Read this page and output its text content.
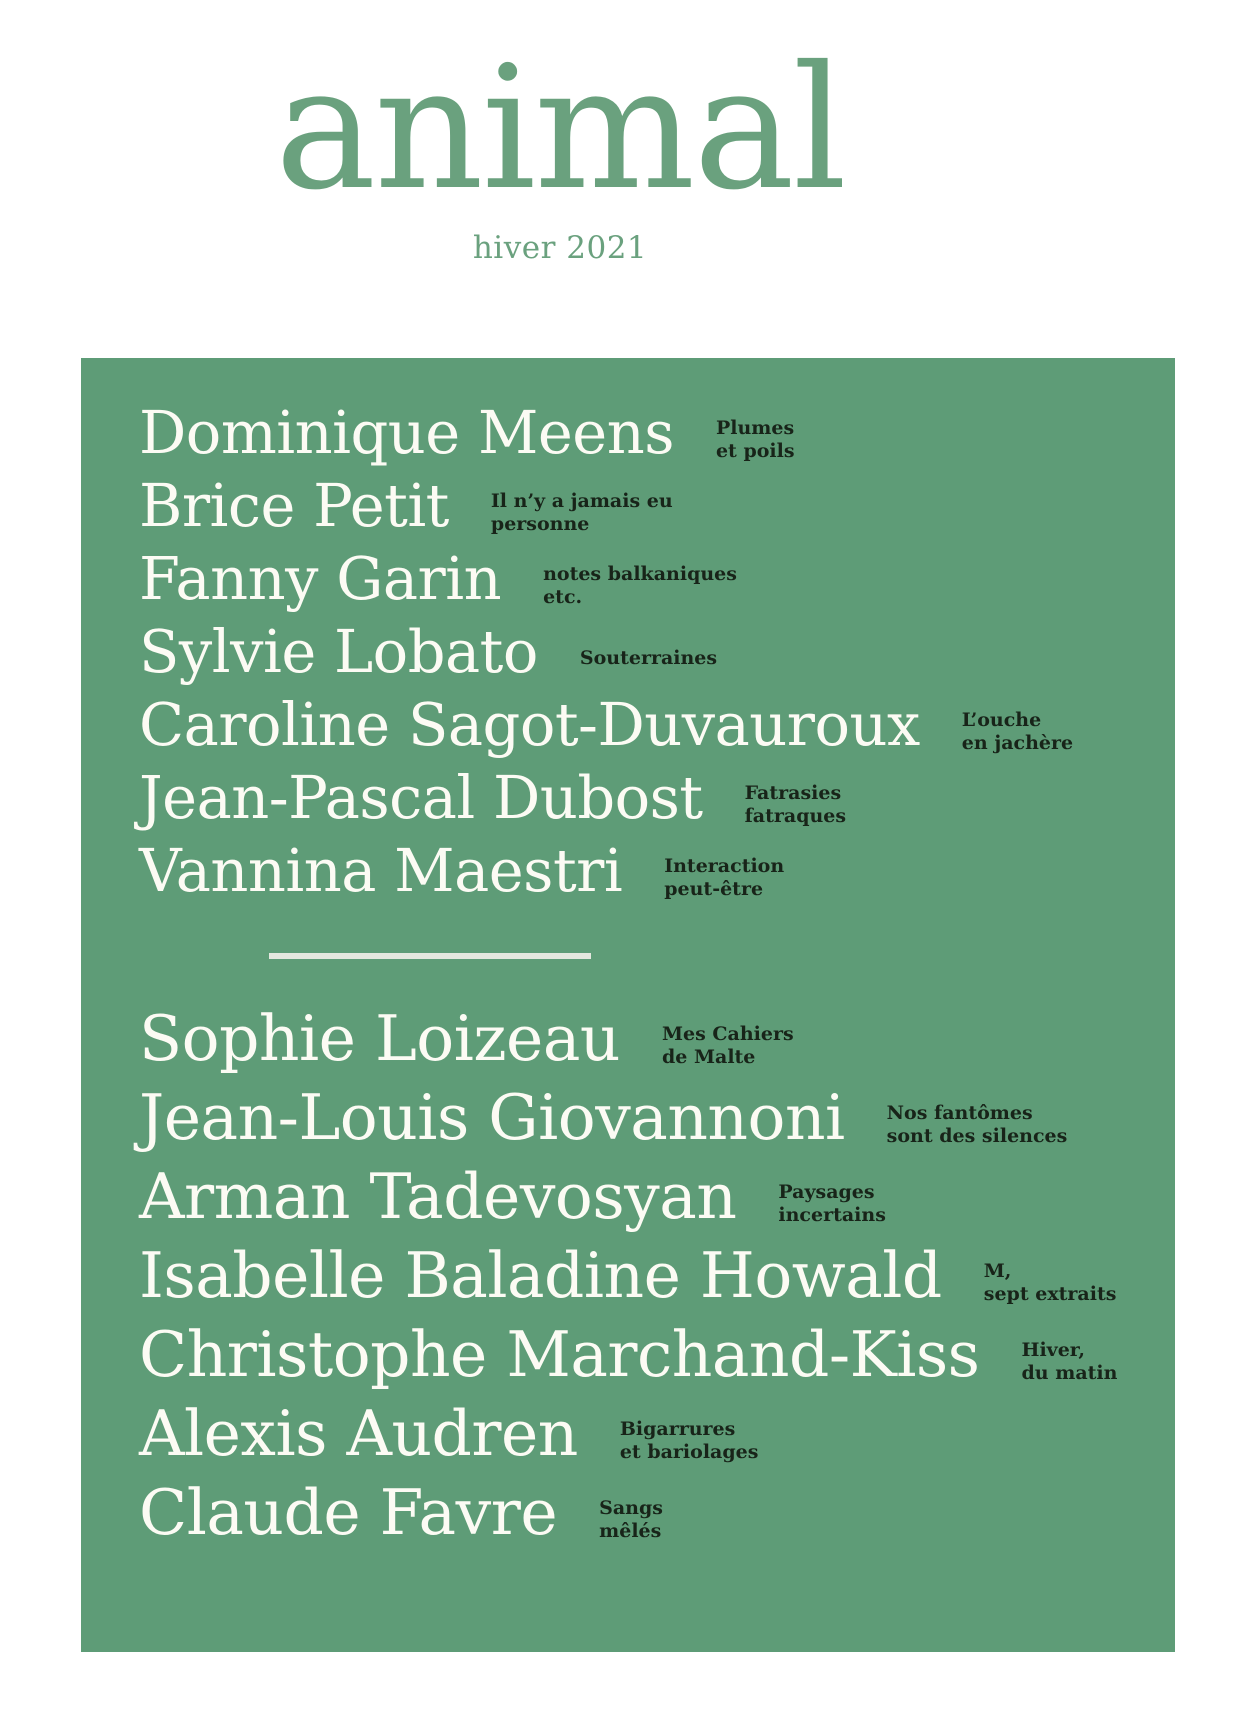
animal
hiver 2021
Dominique Meens Plumes
et poils
Brice Petit Il n’y a jamais eu
personne
Fanny Garin notes balkaniques
etc.
Sylvie Lobato Souterraines
Caroline Sagot-Duvauroux L’ouche
en jachère
Jean-Pascal Dubost Fatrasies
fatraques
Vannina Maestri Interaction
peut-être
Sophie Loizeau Mes Cahiers
de Malte
Jean-Louis Giovannoni Nos fantômes
sont des silences
Arman Tadevosyan Paysages
incertains
Isabelle Baladine Howald M,
sept extraits
Christophe Marchand-Kiss Hiver,
du matin
Alexis Audren Bigarrures
et bariolages
Claude Favre Sangs
mêlés
